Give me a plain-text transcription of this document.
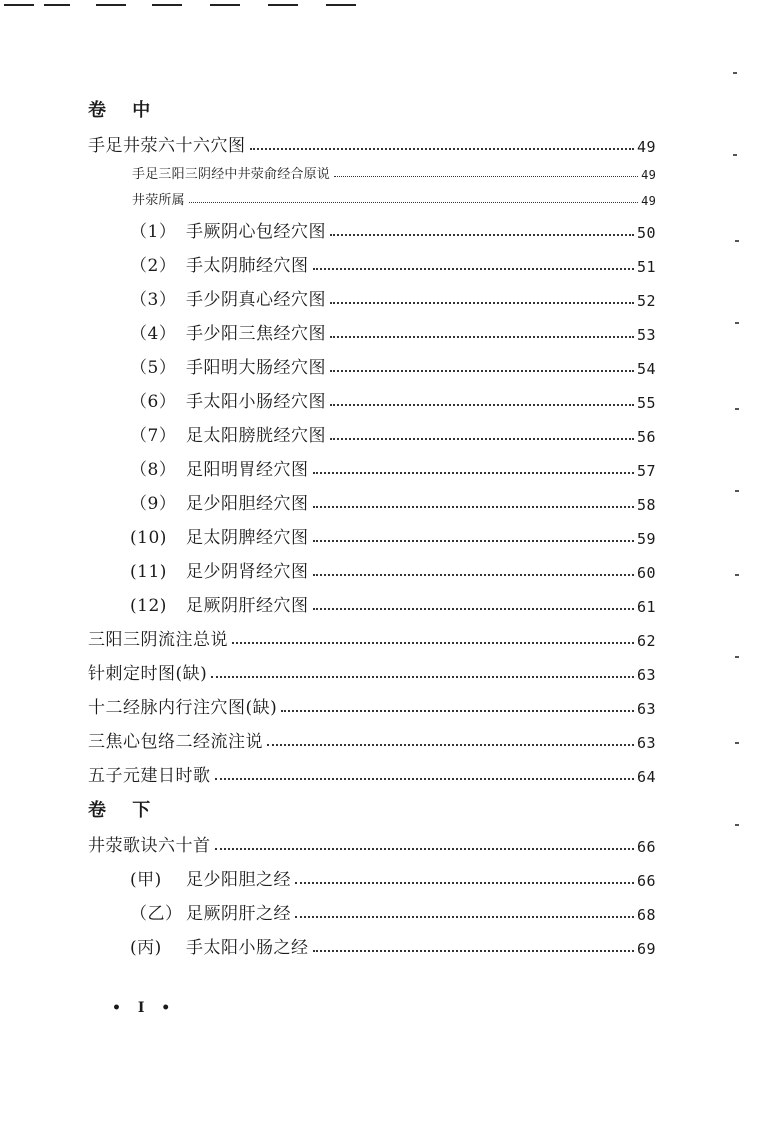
卷 中
手足井荥六十六穴图	49
手足三阳三阴经中井荥俞经合原说	49
井荥所属	49
（1） 手厥阴心包经穴图	50
（2） 手太阴肺经穴图	51
（3） 手少阴真心经穴图	52
（4） 手少阳三焦经穴图	53
（5） 手阳明大肠经穴图	54
（6） 手太阳小肠经穴图	55
（7） 足太阳膀胱经穴图	56
（8） 足阳明胃经穴图	57
（9） 足少阳胆经穴图	58
(10)	足太阴脾经穴图	59
(11)	足少阴肾经穴图	60
(12)	足厥阴肝经穴图	61
三阳三阴流注总说	62
针刺定时图(缺)	63
十二经脉内行注穴图(缺)	63
三焦心包络二经流注说	63
五子元建日时歌	64
卷 下
井荥歌诀六十首	66
(甲)	足少阳胆之经	66
（乙） 足厥阴肝之经	68
(丙)	手太阳小肠之经	69
• I •
